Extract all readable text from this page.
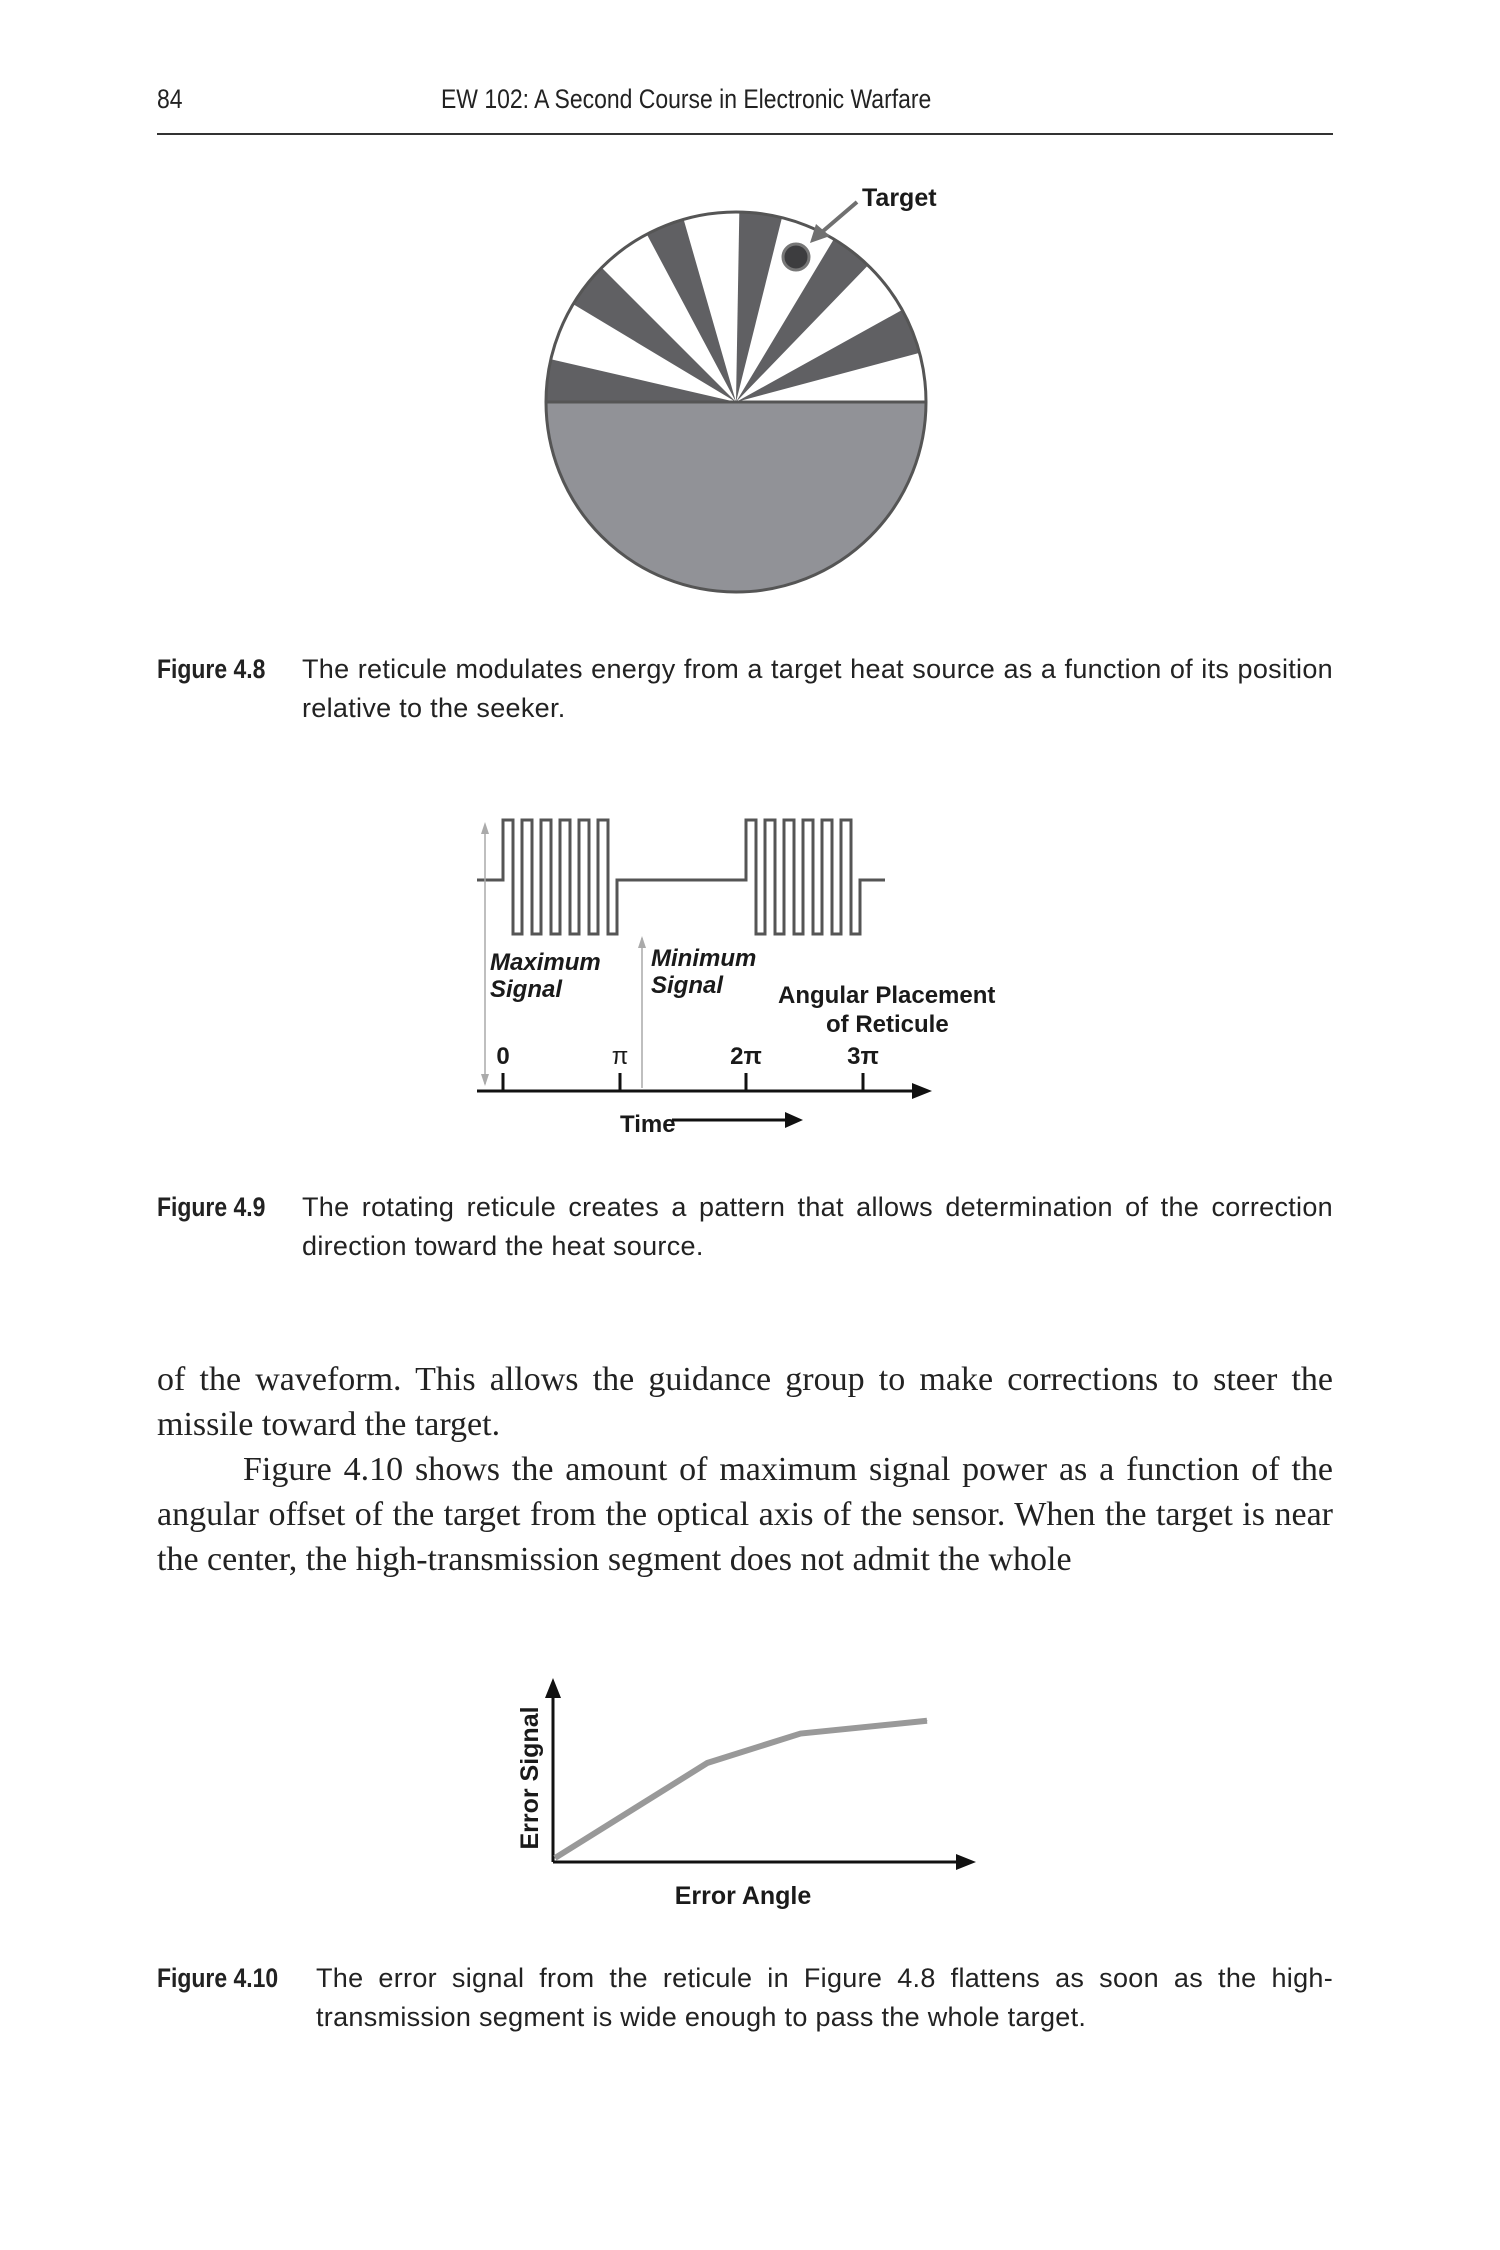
84	EW 102: A Second Course in Electronic Warfare
Target
Figure 4.8 The reticule modulates energy from a target heat source as a function of its position relative to the seeker.
Maximum
Signal
Minimum
Signal Angular Placement
of Reticule
0	π	2π	3π
Time
Figure 4.9 The rotating reticule creates a pattern that allows determination of the correction direction toward the heat source.

of the waveform. This allows the guidance group to make corrections to steer the missile toward the target.

Figure 4.10 shows the amount of maximum signal power as a function of the angular offset of the target from the optical axis of the sensor. When the target is near the center, the high-transmission segment does not admit the whole

Error Signal
Error Angle
Figure 4.10 The error signal from the reticule in Figure 4.8 flattens as soon as the high-transmission segment is wide enough to pass the whole target.
